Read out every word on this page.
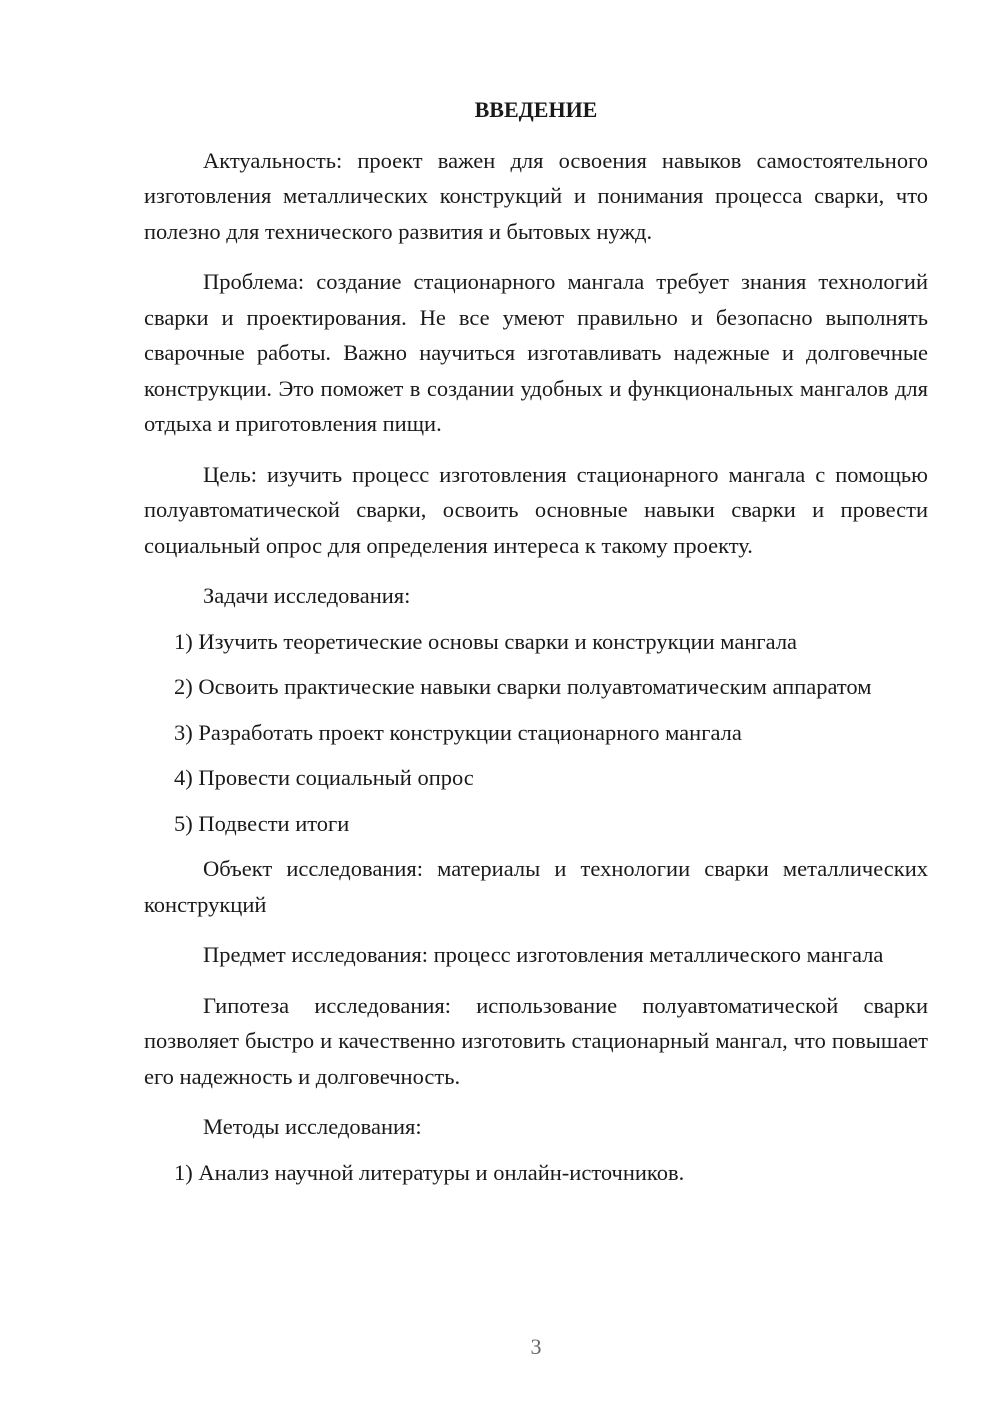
ВВЕДЕНИЕ

Актуальность: проект важен для освоения навыков самостоятельного изготовления металлических конструкций и понимания процесса сварки, что полезно для технического развития и бытовых нужд.

Проблема: создание стационарного мангала требует знания технологий сварки и проектирования. Не все умеют правильно и безопасно выполнять сварочные работы. Важно научиться изготавливать надежные и долговечные конструкции. Это поможет в создании удобных и функциональных мангалов для отдыха и приготовления пищи.

Цель: изучить процесс изготовления стационарного мангала с помощью полуавтоматической сварки, освоить основные навыки сварки и провести социальный опрос для определения интереса к такому проекту.

Задачи исследования:

1) Изучить теоретические основы сварки и конструкции мангала

2) Освоить практические навыки сварки полуавтоматическим аппаратом

3) Разработать проект конструкции стационарного мангала

4) Провести социальный опрос

5) Подвести итоги

Объект исследования: материалы и технологии сварки металлических конструкций

Предмет исследования: процесс изготовления металлического мангала

Гипотеза исследования: использование полуавтоматической сварки позволяет быстро и качественно изготовить стационарный мангал, что повышает его надежность и долговечность.

Методы исследования:

1) Анализ научной литературы и онлайн-источников.

3
